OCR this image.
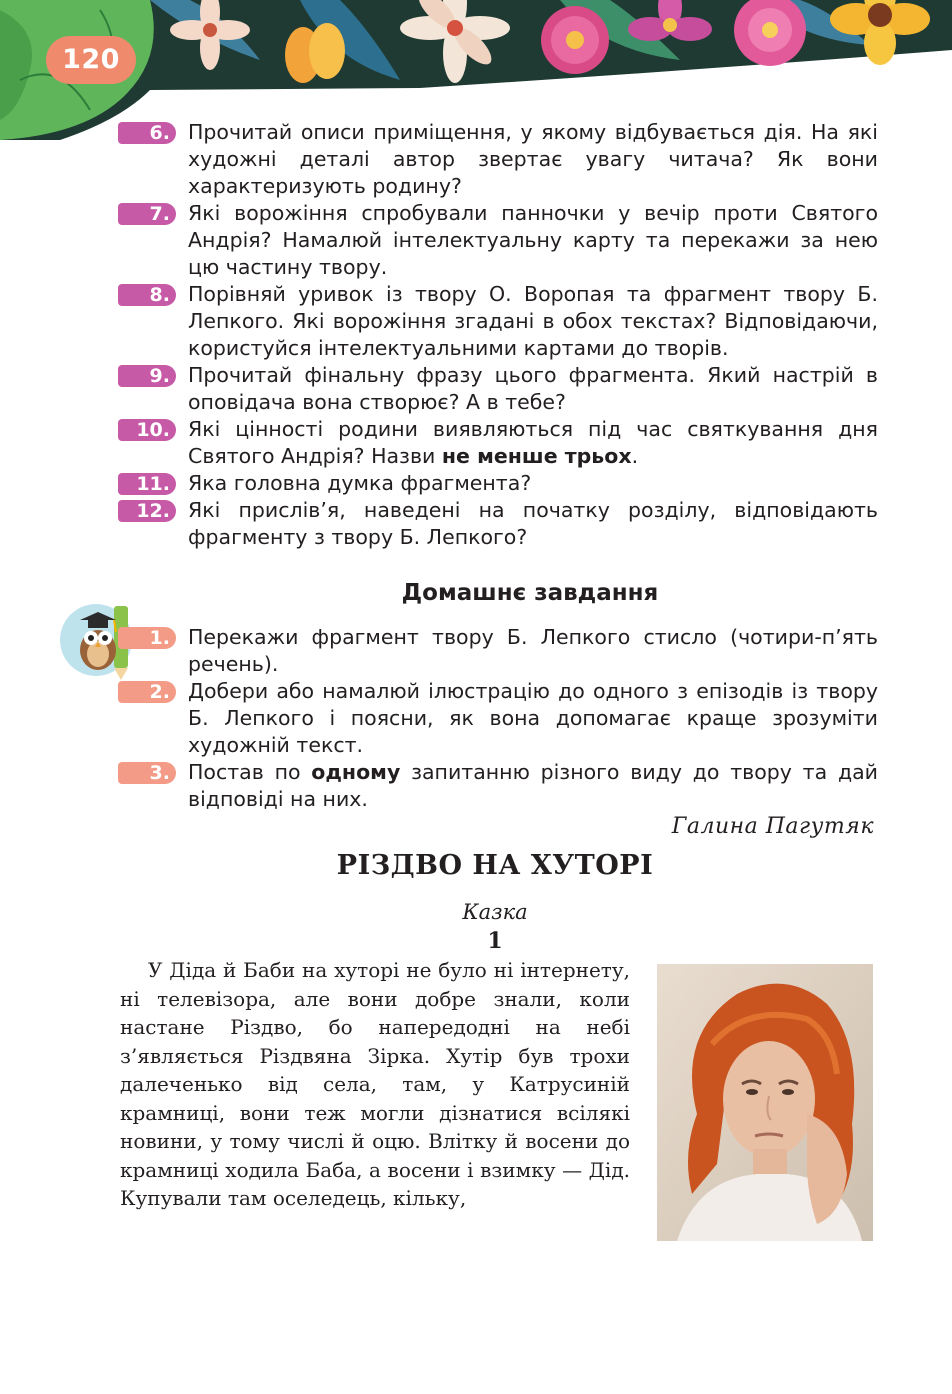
120
6. Прочитай описи приміщення, у якому відбувається дія. На які художні деталі автор звертає увагу читача? Як вони характеризують родину?
7. Які ворожіння спробували панночки у вечір проти Святого Андрія? Намалюй інтелектуальну карту та перекажи за нею цю частину твору.
8. Порівняй уривок із твору О. Воропая та фрагмент твору Б. Лепкого. Які ворожіння згадані в обох текстах? Відповідаючи, користуйся інтелектуальними картами до творів.
9. Прочитай фінальну фразу цього фрагмента. Який настрій в оповідача вона створює? А в тебе?
10. Які цінності родини виявляються під час святкування дня Святого Андрія? Назви не менше трьох.
11. Яка головна думка фрагмента?
12. Які прислів’я, наведені на початку розділу, відповідають фрагменту з твору Б. Лепкого?
Домашнє завдання
1. Перекажи фрагмент твору Б. Лепкого стисло (чотири-п’ять речень).
2. Добери або намалюй ілюстрацію до одного з епізодів із твору Б. Лепкого і поясни, як вона допомагає краще зрозуміти художній текст.
3. Постав по одному запитанню різного виду до твору та дай відповіді на них.
Галина Пагутяк
РІЗДВО НА ХУТОРІ
Казка
1

У Діда й Баби на хуторі не було ні інтернету, ні телевізора, але вони добре знали, коли настане Різдво, бо напередодні на небі з’являється Різдвяна Зірка. Хутір був трохи далеченько від села, там, у Катрусиній крамниці, вони теж могли дізнатися всілякі новини, у тому числі й оцю. Влітку й восени до крамниці ходила Баба, а восени і взимку — Дід. Купували там оселедець, кільку,
